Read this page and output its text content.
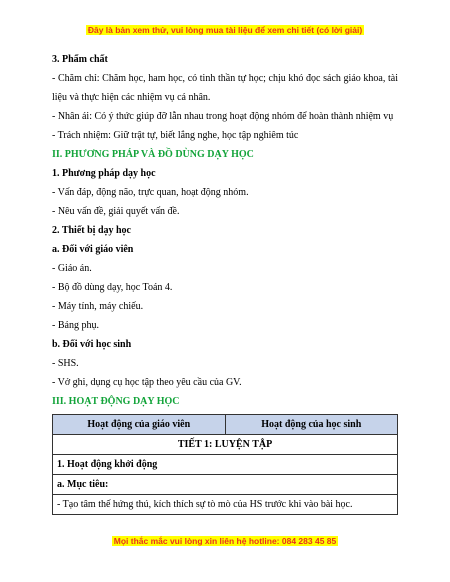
Đây là bản xem thử, vui lòng mua tài liệu để xem chi tiết (có lời giải)

3. Phẩm chất

- Chăm chỉ: Chăm học, ham học, có tinh thần tự học; chịu khó đọc sách giáo khoa, tài liệu và thực hiện các nhiệm vụ cá nhân.

- Nhân ái: Có ý thức giúp đỡ lẫn nhau trong hoạt động nhóm để hoàn thành nhiệm vụ

- Trách nhiệm: Giữ trật tự, biết lắng nghe, học tập nghiêm túc

II. PHƯƠNG PHÁP VÀ ĐỒ DÙNG DẠY HỌC

1. Phương pháp dạy học

- Vấn đáp, động não, trực quan, hoạt động nhóm.

- Nêu vấn đề, giải quyết vấn đề.

2. Thiết bị dạy học

a. Đối với giáo viên

- Giáo án.

- Bộ đồ dùng dạy, học Toán 4.

- Máy tính, máy chiếu.

- Bảng phụ.

b. Đối với học sinh

- SHS.

- Vở ghi, dụng cụ học tập theo yêu cầu của GV.

III. HOẠT ĐỘNG DẠY HỌC

Hoạt động của giáo viên	Hoạt động của học sinh
TIẾT 1: LUYỆN TẬP
1. Hoạt động khởi động
a. Mục tiêu:
- Tạo tâm thế hứng thú, kích thích sự tò mò của HS trước khi vào bài học.
Mọi thắc mắc vui lòng xin liên hệ hotline: 084 283 45 85
